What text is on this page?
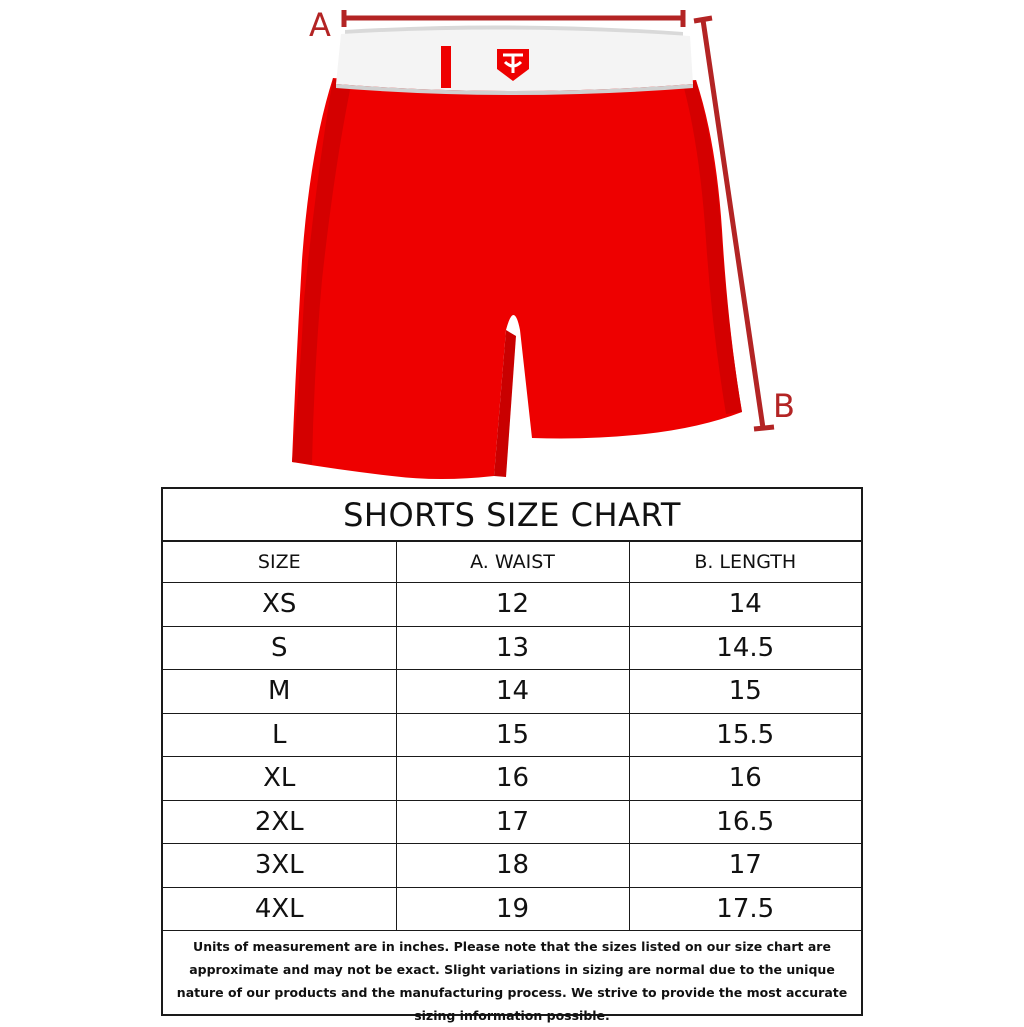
A
B
SHORTS SIZE CHART
SIZE	A. WAIST	B. LENGTH
XS	12	14
S	13	14.5
M	14	15
L	15	15.5
XL	16	16
2XL	17	16.5
3XL	18	17
4XL	19	17.5
Units of measurement are in inches. Please note that the sizes listed on our size chart are approximate and may not be exact. Slight variations in sizing are normal due to the unique nature of our products and the manufacturing process. We strive to provide the most accurate sizing information possible.
